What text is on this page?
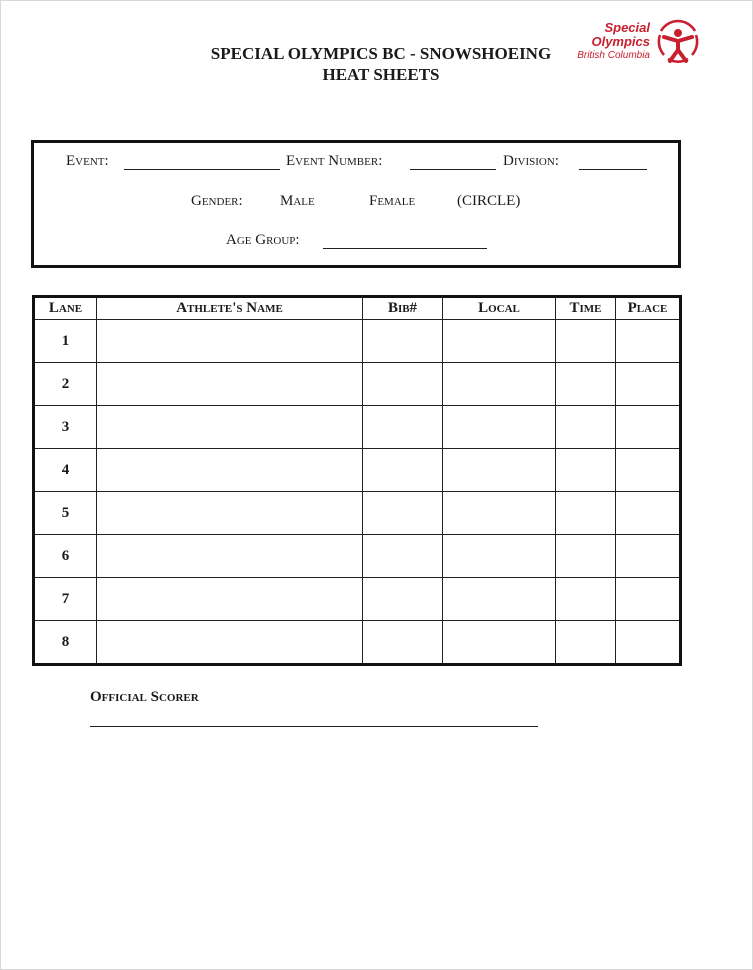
SPECIAL OLYMPICS BC - SNOWSHOEING
HEAT SHEETS
Special
Olympics
British Columbia
Event:	Event Number:	Division:
Gender: Male	Female	(CIRCLE)
Age Group:
Lane	Athlete's Name	Bib#	Local	Time	Place
1					
2					
3					
4					
5					
6					
7					
8					
Official Scorer
